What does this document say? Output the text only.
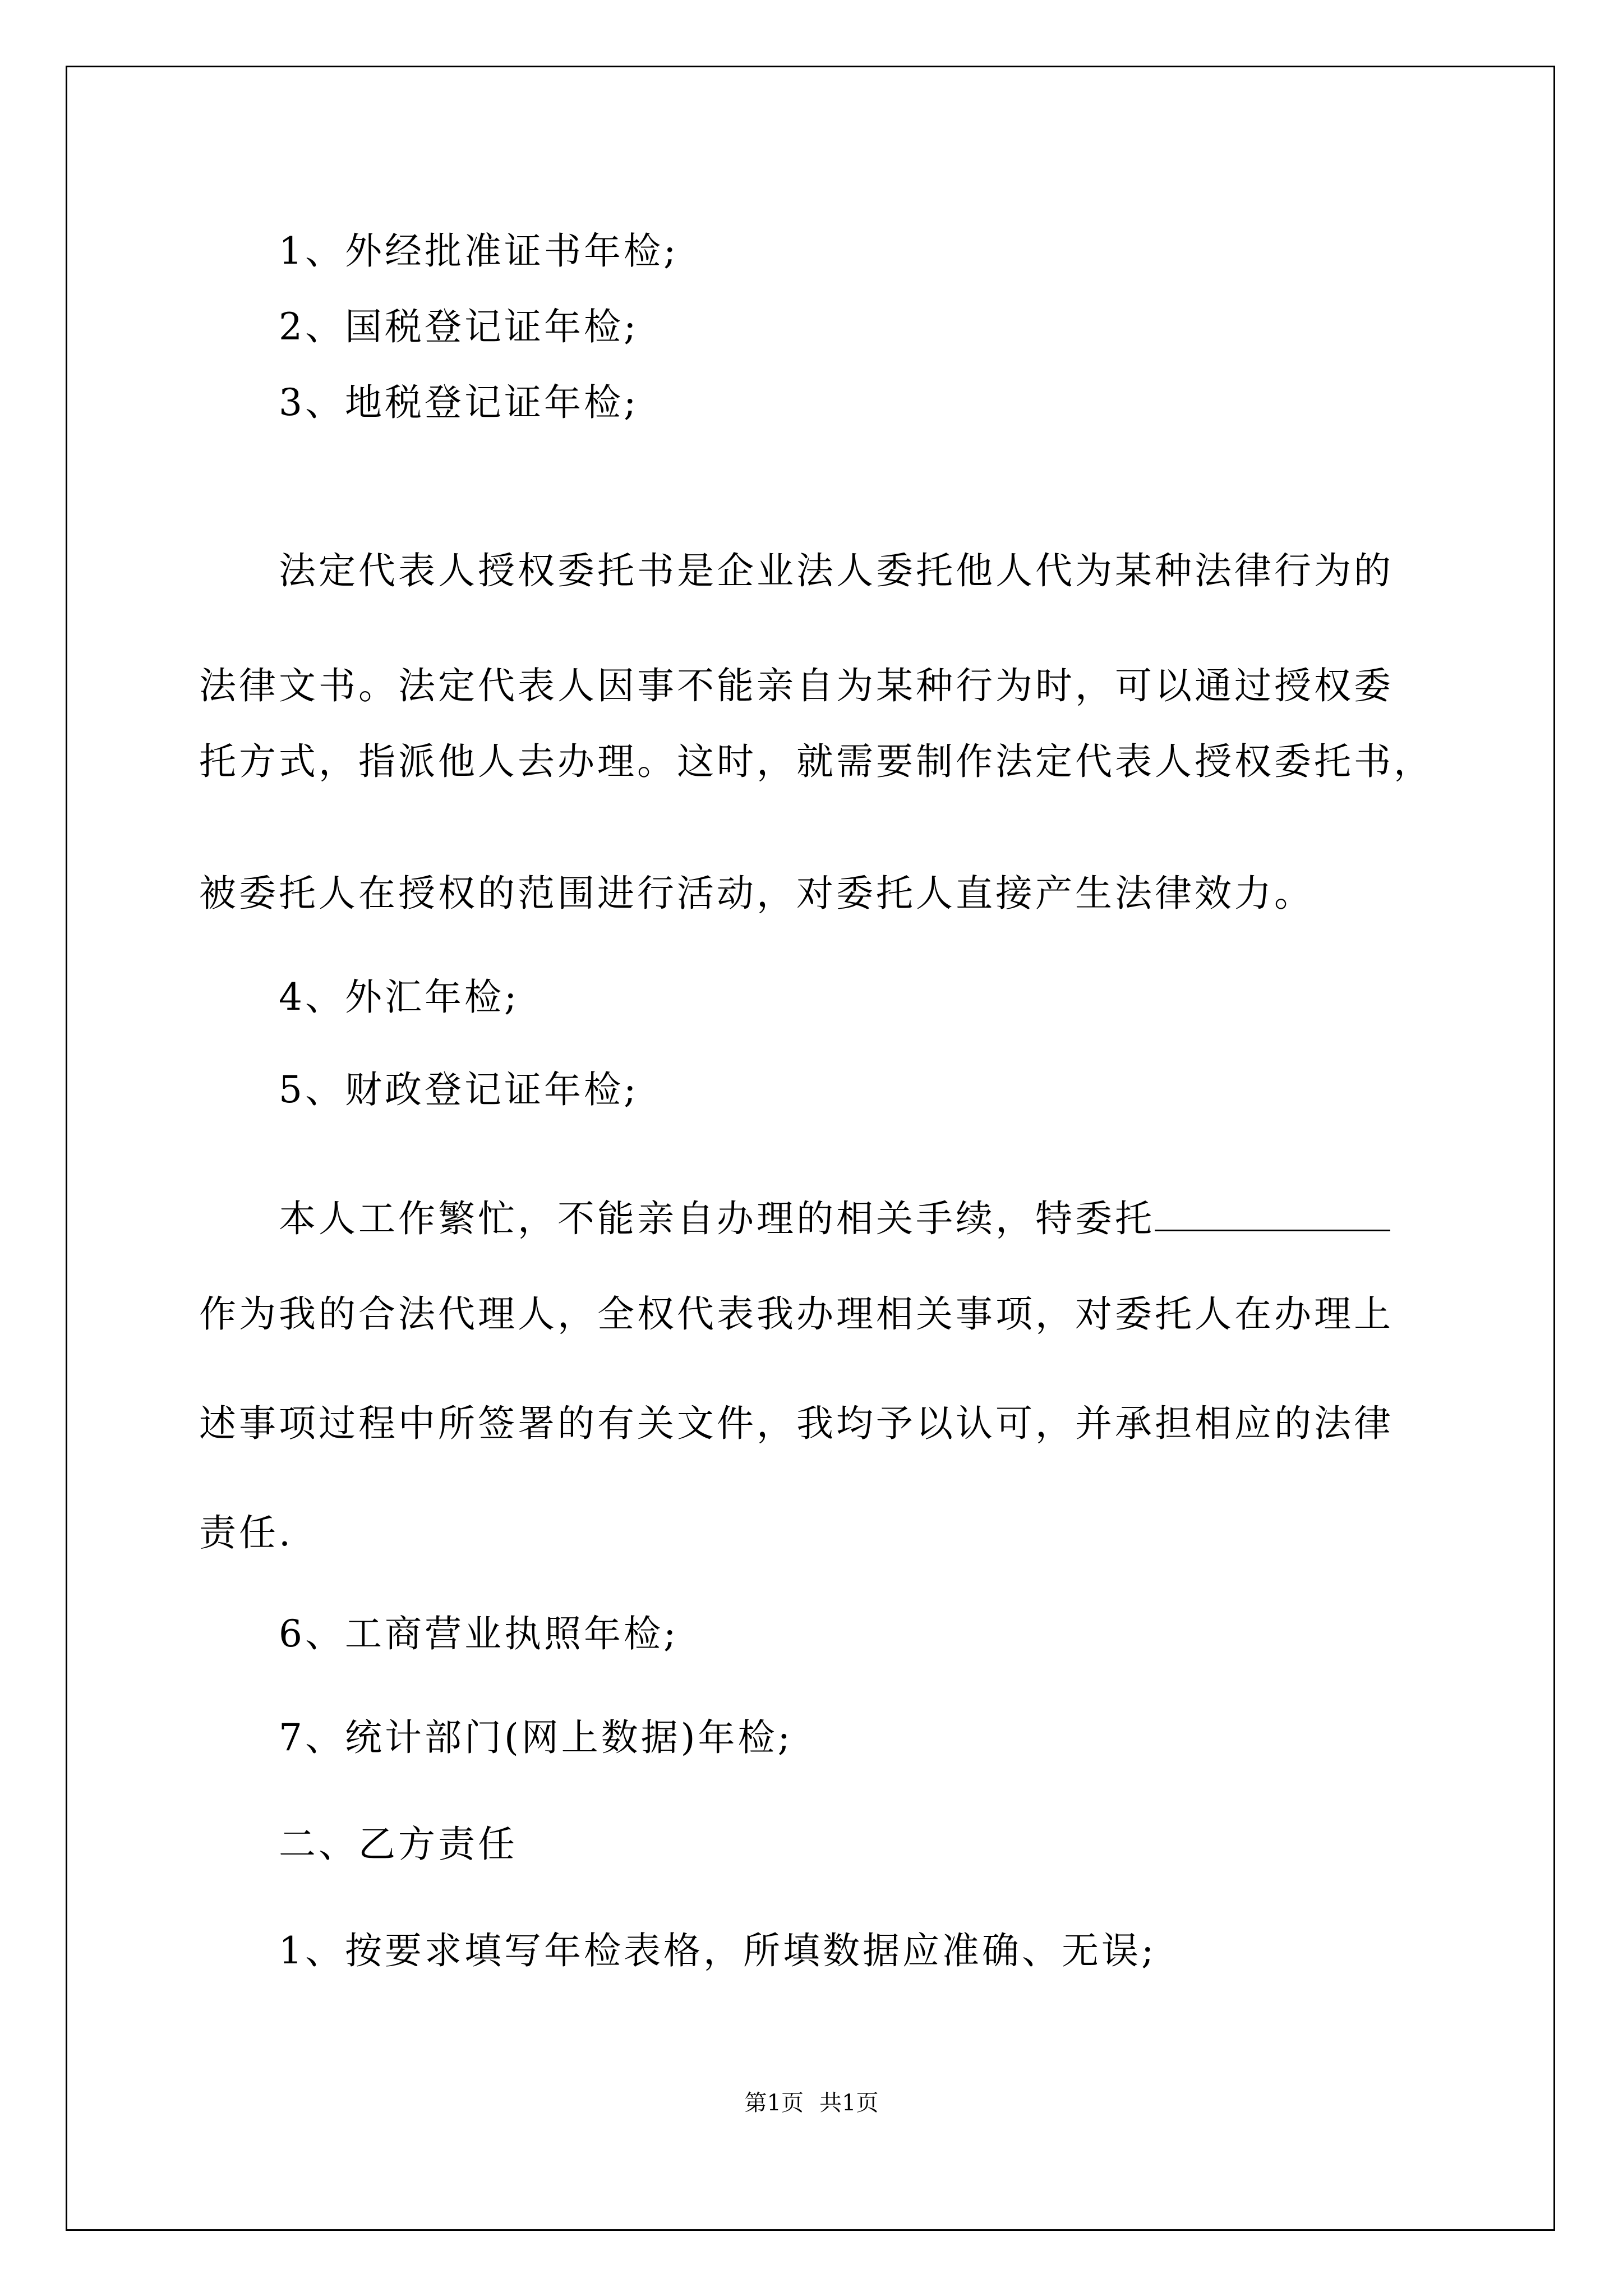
1、外经批准证书年检;
2、国税登记证年检;
3、地税登记证年检;
法定代表人授权委托书是企业法人委托他人代为某种法律行为的
法律文书。法定代表人因事不能亲自为某种行为时，可以通过授权委
托方式，指派他人去办理。这时，就需要制作法定代表人授权委托书，
被委托人在授权的范围进行活动，对委托人直接产生法律效力。
4、外汇年检;
5、财政登记证年检;
本人工作繁忙，不能亲自办理的相关手续，特委托
作为我的合法代理人，全权代表我办理相关事项，对委托人在办理上
述事项过程中所签署的有关文件，我均予以认可，并承担相应的法律
责任.
6、工商营业执照年检;
7、统计部门(网上数据)年检;
二、乙方责任
1、按要求填写年检表格，所填数据应准确、无误;
第1页 共1页
